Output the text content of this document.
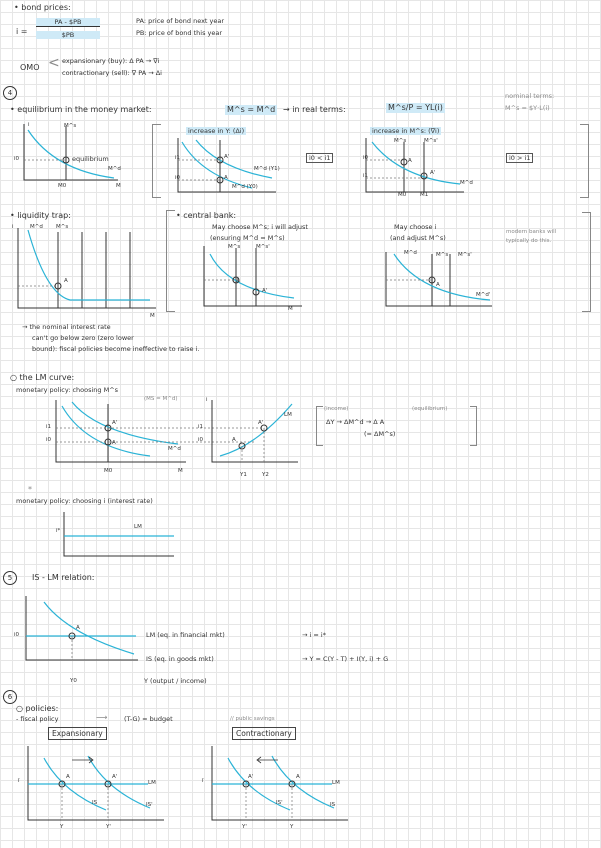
• bond prices:
i =
PA - $PB
$PB
PA: price of bond next year
PB: price of bond this year
OMO < expansionary (buy): Δ PA → ∇i
contractionary (sell): ∇ PA → Δi
4
• equilibrium in the money market:	M^s = M^d → in real terms:	M^s/P = YL(i)
nominal terms:
M^s = $Y·L(i)
i	M^s
i0	equilibrium
M^d
M0	M
increase in Y: (Δi)
i1
i0
A'
A
M^d (Y1)
M^d (Y0)
i0 < i1
increase in M^s: (∇i)
i0
i1
M^s	M^s'
A
A'
M^d
M0	M1
i0 > i1
• liquidity trap:
i	M^d M^s
A
M
• central bank:
May choose M^s; i will adjust
(ensuring M^d = M^s)
M^s	M^s'
A
A'
M
May choose i
(and adjust M^s)
M^d	M^s M^s'
A
M^d'
modern banks will typically do this.
→ the nominal interest rate
can't go below zero (zero lower
bound): fiscal policies become ineffective to raise i.
○ the LM curve:
monetary policy: choosing M^s
(MS = M^d)
i1
i0
A'
A
M^d
M0	M
i
i1
i0	A
A'
LM
Y1	Y2
(income)	(equilibrium)
ΔY → ΔM^d → Δ A
(= ΔM^s)
*
monetary policy: choosing i (interest rate)
i*
LM
5	IS - LM relation:
i0
A
Y0
LM (eq. in financial mkt)	→ i = i*
IS (eq. in goods mkt)	→ Y = C(Y - T) + I(Y, i) + G
Y (output / income)
6
○ policies:
- fiscal policy	⟶	(T-G) = budget	// public savings
Expansionary	Contractionary
ī
A	A'
LM
IS	IS'
Y	Y'
ī
A'	A
LM
IS'	IS
Y'	Y
